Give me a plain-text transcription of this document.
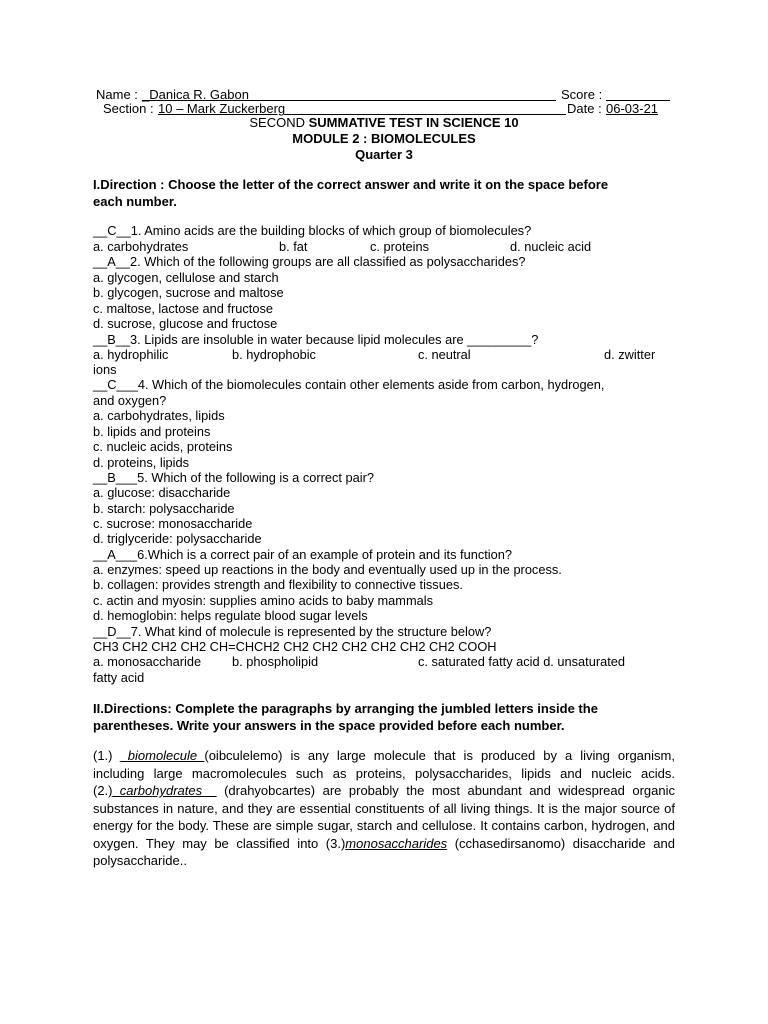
Name : _Danica R. Gabon	Score :
Section : 10 – Mark Zuckerberg	Date : 06-03-21
SECOND SUMMATIVE TEST IN SCIENCE 10
MODULE 2 : BIOMOLECULES
Quarter 3
I.Direction : Choose the letter of the correct answer and write it on the space before
each number.
__C__1. Amino acids are the building blocks of which group of biomolecules?
a. carbohydrates	b. fat	c. proteins	d. nucleic acid
__A__2. Which of the following groups are all classified as polysaccharides?
a. glycogen, cellulose and starch
b. glycogen, sucrose and maltose
c. maltose, lactose and fructose
d. sucrose, glucose and fructose
__B__3. Lipids are insoluble in water because lipid molecules are _________?
a. hydrophilic	b. hydrophobic	c. neutral	d. zwitter
ions
__C___4. Which of the biomolecules contain other elements aside from carbon, hydrogen,
and oxygen?
a. carbohydrates, lipids
b. lipids and proteins
c. nucleic acids, proteins
d. proteins, lipids
__B___5. Which of the following is a correct pair?
a. glucose: disaccharide
b. starch: polysaccharide
c. sucrose: monosaccharide
d. triglyceride: polysaccharide
__A___6.Which is a correct pair of an example of protein and its function?
a. enzymes: speed up reactions in the body and eventually used up in the process.
b. collagen: provides strength and flexibility to connective tissues.
c. actin and myosin: supplies amino acids to baby mammals
d. hemoglobin: helps regulate blood sugar levels
__D__7. What kind of molecule is represented by the structure below?
CH3 CH2 CH2 CH2 CH=CHCH2 CH2 CH2 CH2 CH2 CH2 CH2 COOH
a. monosaccharide b. phospholipid	c. saturated fatty acid d. unsaturated
fatty acid
II.Directions: Complete the paragraphs by arranging the jumbled letters inside the
parentheses. Write your answers in the space provided before each number.
(1.) _biomolecule_(oibculelemo) is any large molecule that is produced by a living organism, including large macromolecules such as proteins, polysaccharides, lipids and nucleic acids. (2.)_carbohydrates__ (drahyobcartes) are probably the most abundant and widespread organic substances in nature, and they are essential constituents of all living things. It is the major source of energy for the body. These are simple sugar, starch and cellulose. It contains carbon, hydrogen, and oxygen. They may be classified into (3.)monosaccharides (cchasedirsanomo) disaccharide and polysaccharide..
